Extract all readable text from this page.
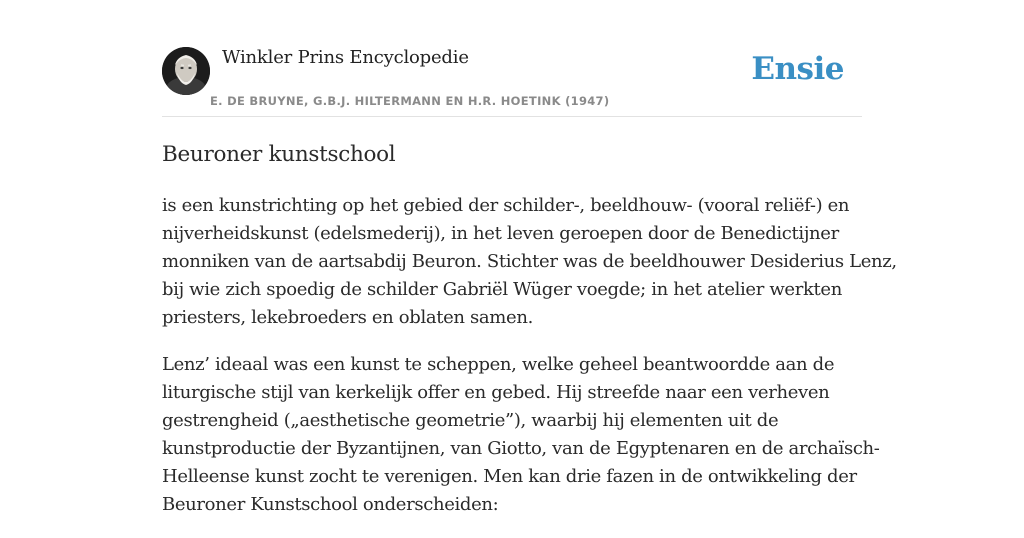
Winkler Prins Encyclopedie
E. DE BRUYNE, G.B.J. HILTERMANN EN H.R. HOETINK (1947)
Ensie
Beuroner kunstschool

is een kunstrichting op het gebied der schilder-, beeldhouw- (vooral reliëf-) en
nijverheidskunst (edelsmederij), in het leven geroepen door de Benedictijner
monniken van de aartsabdij Beuron. Stichter was de beeldhouwer Desiderius Lenz,
bij wie zich spoedig de schilder Gabriël Wüger voegde; in het atelier werkten
priesters, lekebroeders en oblaten samen.

Lenz’ ideaal was een kunst te scheppen, welke geheel beantwoordde aan de
liturgische stijl van kerkelijk offer en gebed. Hij streefde naar een verheven
gestrengheid („aesthetische geometrie”), waarbij hij elementen uit de
kunstproductie der Byzantijnen, van Giotto, van de Egyptenaren en de archaïsch-
Helleense kunst zocht te verenigen. Men kan drie fazen in de ontwikkeling der
Beuroner Kunstschool onderscheiden:
